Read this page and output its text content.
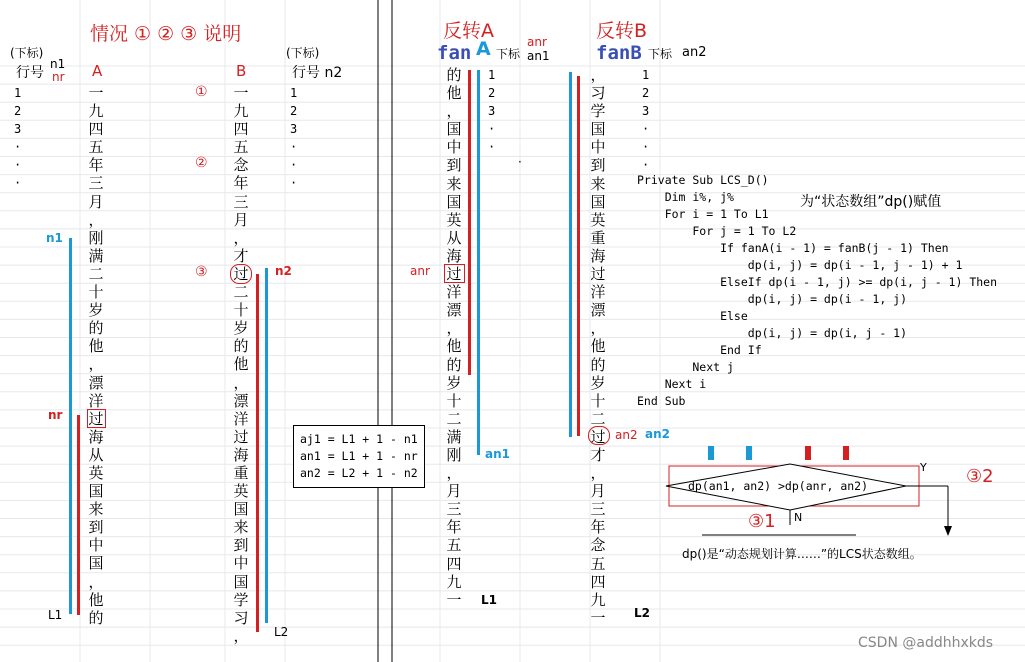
情况 ① ② ③ 说明	反转A	反转B
(下标)
n1
行号 nr A	B
(下标)
行号 n2
1
2
3
·
·
·
1
2
3
·
·
·
一
九
四
五
年
三
月
，
刚
满
二
十
岁
的
他
，
漂
洋
过
海
从
英
国
来
到
中
国
，
他
的
一
九
四
五
念
年
三
月
，
才
过
二
十
岁
的
他
，
漂
洋
过
海
重
英
国
来
到
中
国
学
习
，
①
②
③
n1
nr
n2
L1
L2
aj1 = L1 + 1 - n1
an1 = L1 + 1 - nr
an2 = L2 + 1 - n2
fan A 下标
anr
an1
的
他
，
国
中
到
来
国
英
从
海
过
洋
漂
，
他
的
岁
十
二
满
刚
，
月
三
年
五
四
九
一
1
2
3
·
·
·
anr
an1
L1
fanB 下标 an2
，
习
学
国
中
到
来
国
英
重
海
过
洋
漂
，
他
的
岁
十
二
过
才
，
月
三
年
念
五
四
九
一
1
2
3
·
·
·
an2 an2
L2
Private Sub LCS_D()
Dim i%, j%
For i = 1 To L1
For j = 1 To L2
If fanA(i - 1) = fanB(j - 1) Then
dp(i, j) = dp(i - 1, j - 1) + 1
ElseIf dp(i - 1, j) >= dp(i, j - 1) Then
dp(i, j) = dp(i - 1, j)
Else
dp(i, j) = dp(i, j - 1)
End If
Next j
Next i
End Sub
为“状态数组”dp()赋值
dp(an1, an2) >dp(anr, an2)
Y
N
③1
③2
dp()是“动态规划计算……”的LCS状态数组。
CSDN @addhhxkds
